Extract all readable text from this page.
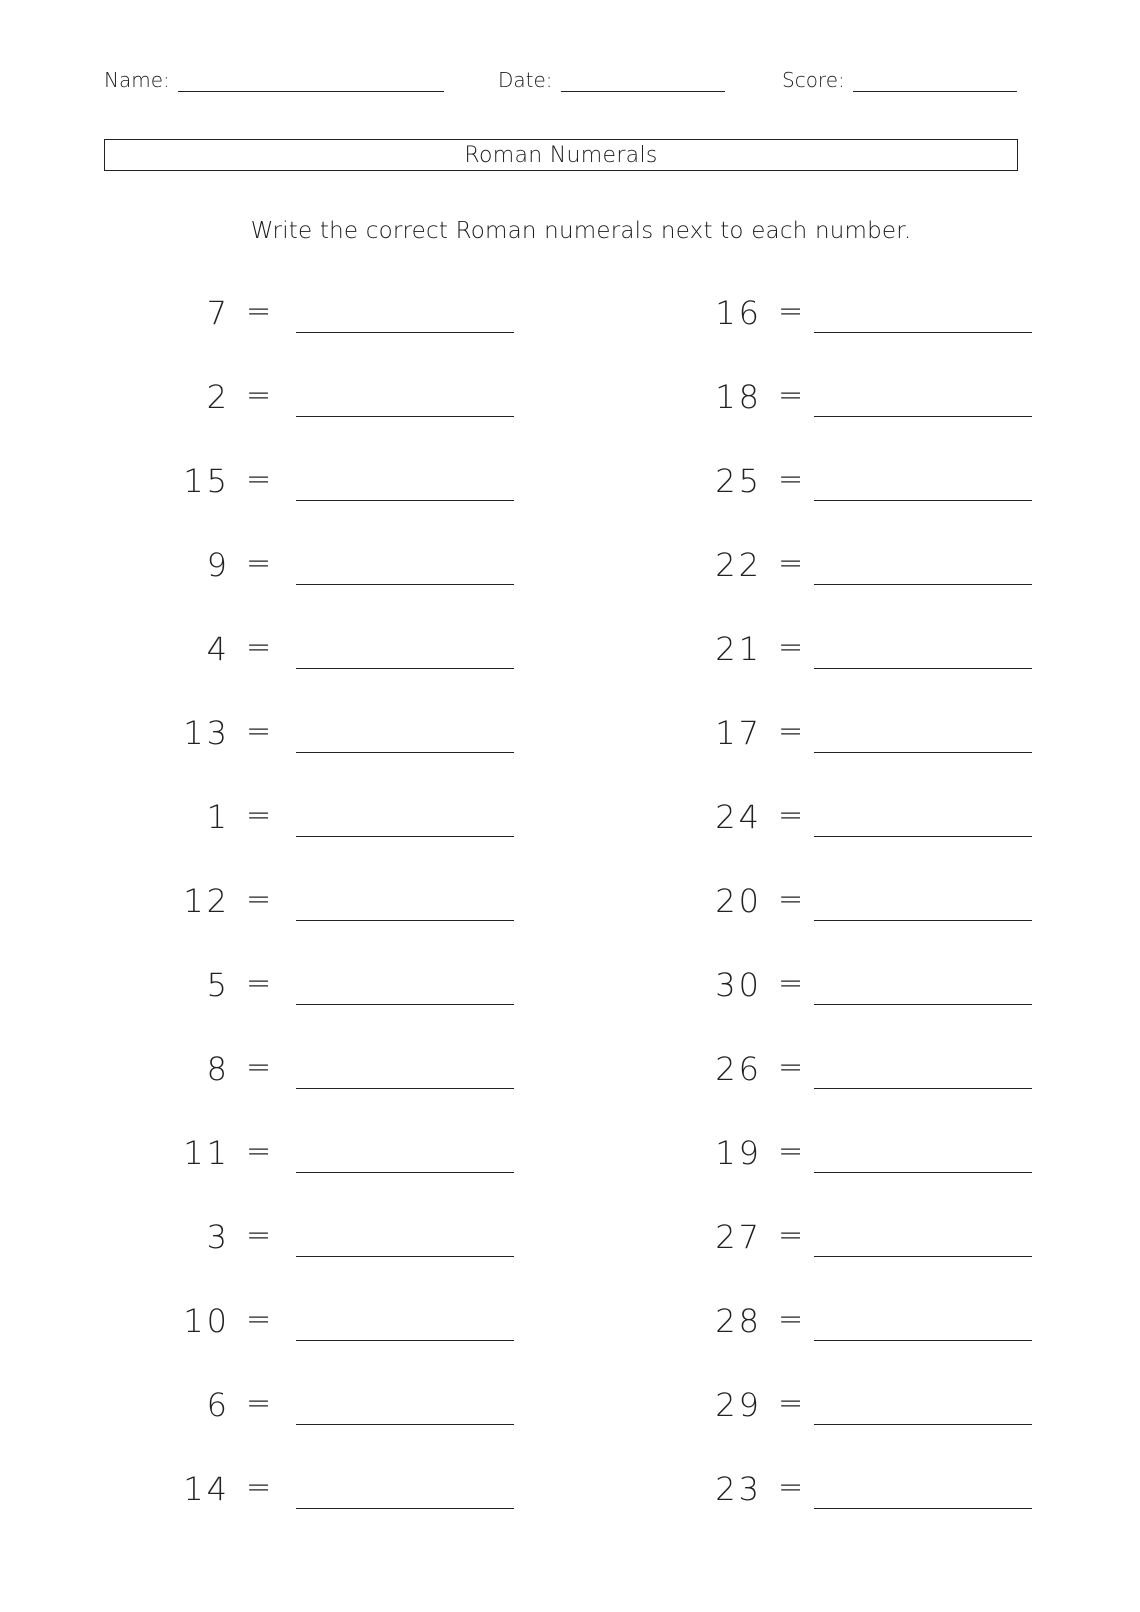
Name:	Date:	Score:
Roman Numerals
Write the correct Roman numerals next to each number.
7 =
2 =
15 =
9 =
4 =
13 =
1 =
12 =
5 =
8 =
11 =
3 =
10 =
6 =
14 =
16 =
18 =
25 =
22 =
21 =
17 =
24 =
20 =
30 =
26 =
19 =
27 =
28 =
29 =
23 =
